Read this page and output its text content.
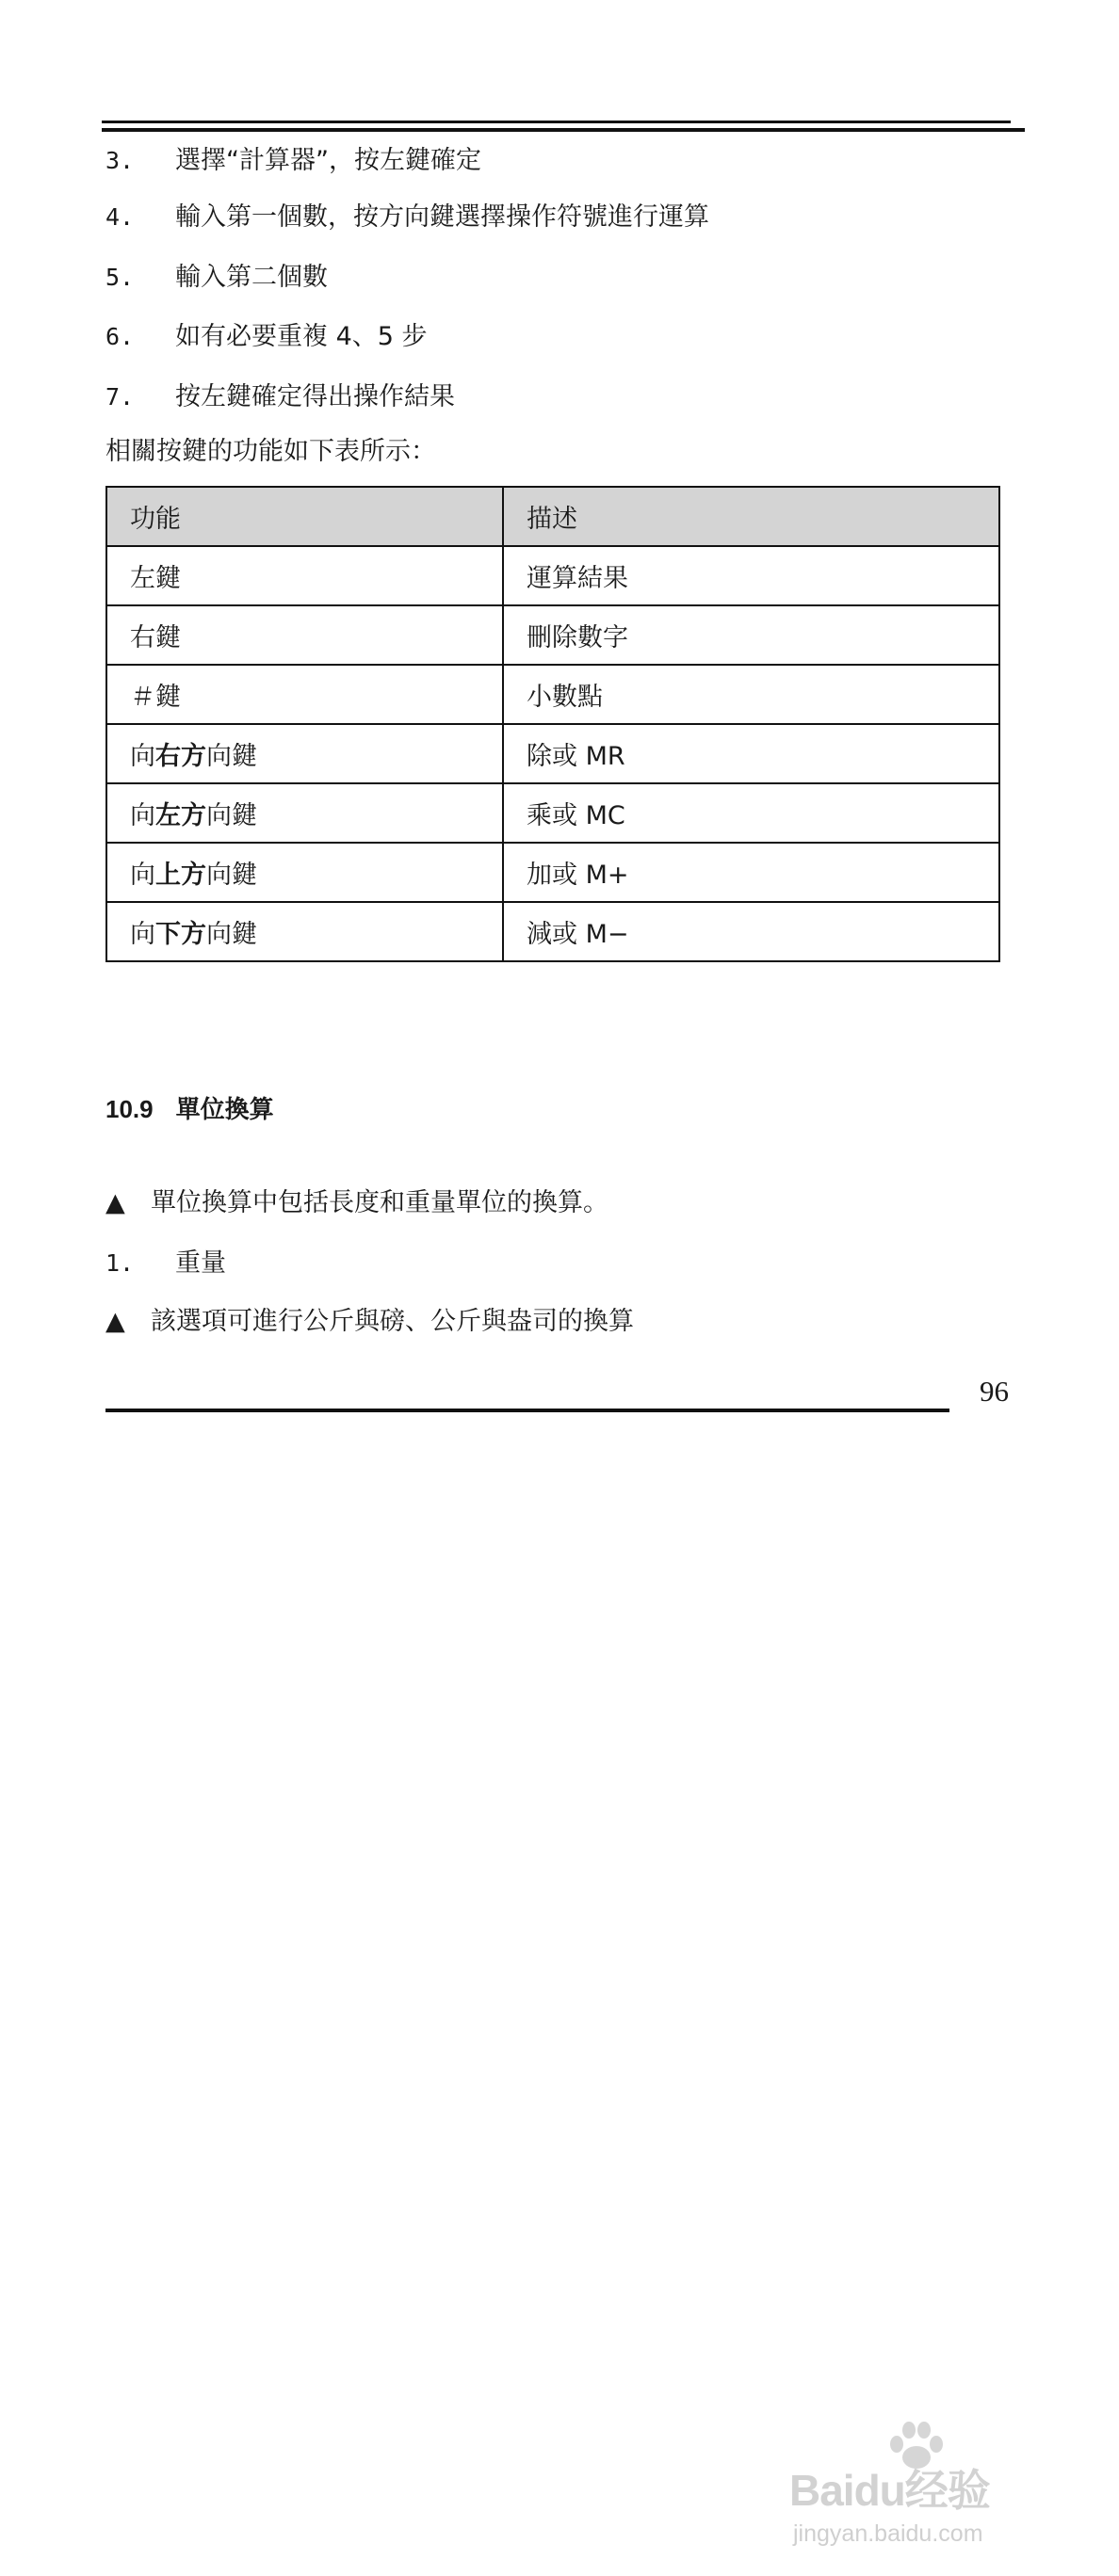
3. 選擇“計算器”，按左鍵確定
4. 輸入第一個數，按方向鍵選擇操作符號進行運算
5. 輸入第二個數
6. 如有必要重複 4、5 步
7. 按左鍵確定得出操作結果
相關按鍵的功能如下表所示：
功能	描述
左鍵	運算結果
右鍵	刪除數字
＃鍵	小數點
向右方向鍵	除或 MR
向左方向鍵	乘或 MC
向上方向鍵	加或 M+
向下方向鍵	減或 M−
10.9 單位換算
▲ 單位換算中包括長度和重量單位的換算。
1. 重量
▲ 該選項可進行公斤與磅、公斤與盎司的換算
96
Baidu经验
jingyan.baidu.com
